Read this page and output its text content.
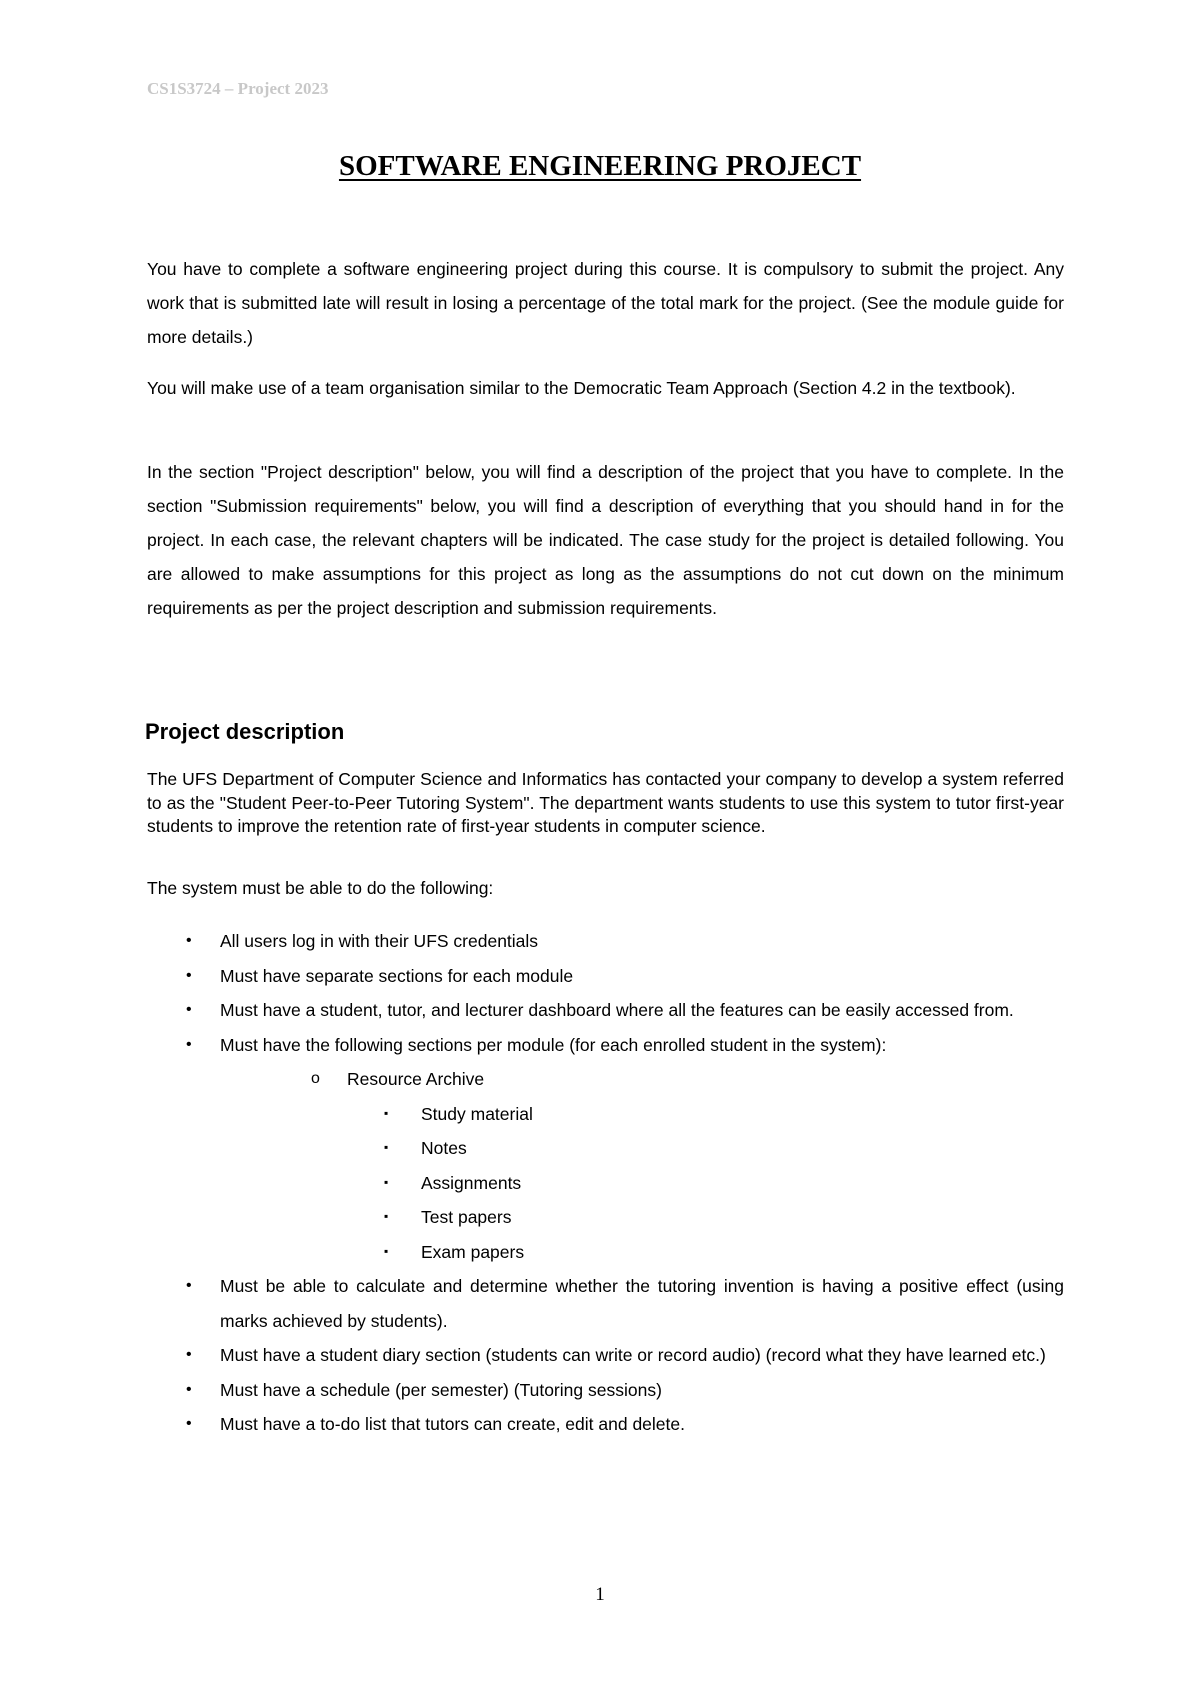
CS1S3724 – Project 2023
SOFTWARE ENGINEERING PROJECT
You have to complete a software engineering project during this course. It is compulsory to submit the project. Any work that is submitted late will result in losing a percentage of the total mark for the project. (See the module guide for more details.)
You will make use of a team organisation similar to the Democratic Team Approach (Section 4.2 in the textbook).
In the section "Project description" below, you will find a description of the project that you have to complete. In the section "Submission requirements" below, you will find a description of everything that you should hand in for the project. In each case, the relevant chapters will be indicated. The case study for the project is detailed following. You are allowed to make assumptions for this project as long as the assumptions do not cut down on the minimum requirements as per the project description and submission requirements.
Project description
The UFS Department of Computer Science and Informatics has contacted your company to develop a system referred to as the "Student Peer-to-Peer Tutoring System". The department wants students to use this system to tutor first-year students to improve the retention rate of first-year students in computer science.
The system must be able to do the following:
• All users log in with their UFS credentials
• Must have separate sections for each module
• Must have a student, tutor, and lecturer dashboard where all the features can be easily accessed from.
• Must have the following sections per module (for each enrolled student in the system):
o Resource Archive
▪ Study material
▪ Notes
▪ Assignments
▪ Test papers
▪ Exam papers
• Must be able to calculate and determine whether the tutoring invention is having a positive effect (using marks achieved by students).
• Must have a student diary section (students can write or record audio) (record what they have learned etc.)
• Must have a schedule (per semester) (Tutoring sessions)
• Must have a to-do list that tutors can create, edit and delete.
1
